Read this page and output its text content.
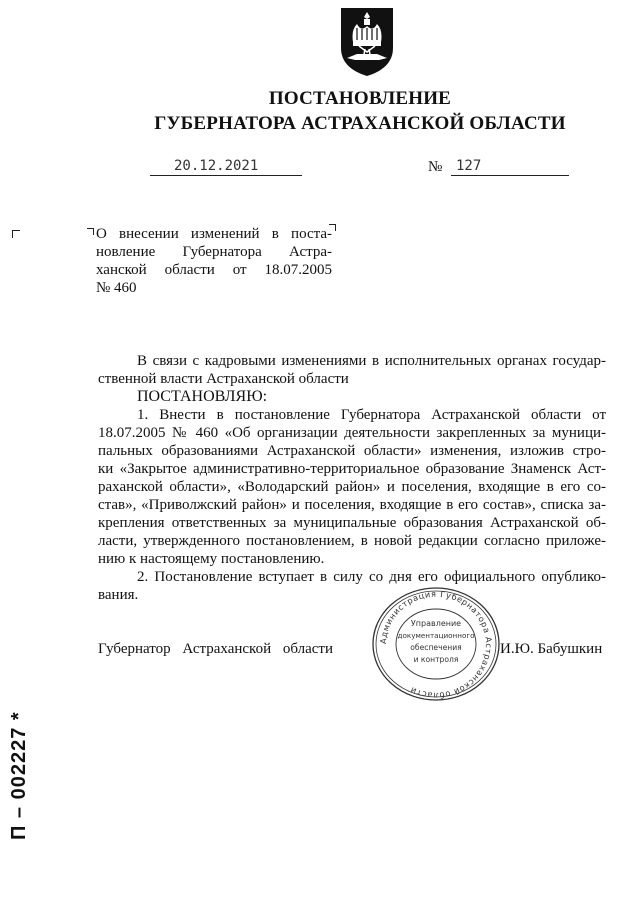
ПОСТАНОВЛЕНИЕ
ГУБЕРНАТОРА АСТРАХАНСКОЙ ОБЛАСТИ
20.12.2021	№ 127
О внесении изменений в поста-
новление Губернатора Астра-
ханской области от 18.07.2005
№ 460
В связи с кадровыми изменениями в исполнительных органах государ-
ственной власти Астраханской области
ПОСТАНОВЛЯЮ:
1. Внести в постановление Губернатора Астраханской области от
18.07.2005 № 460 «Об организации деятельности закрепленных за муници-
пальных образованиями Астраханской области» изменения, изложив стро-
ки «Закрытое административно-территориальное образование Знаменск Аст-
раханской области», «Володарский район» и поселения, входящие в его со-
став», «Приволжский район» и поселения, входящие в его состав», списка за-
крепления ответственных за муниципальные образования Астраханской об-
ласти, утвержденного постановлением, в новой редакции согласно приложе-
нию к настоящему постановлению.
2. Постановление вступает в силу со дня его официального опублико-
вания.
Губернатор Астраханской области	И.Ю. Бабушкин
Администрация Губернатора Астраханской области
Управление
документационного
обеспечения
и контроля
П – 002227 *
